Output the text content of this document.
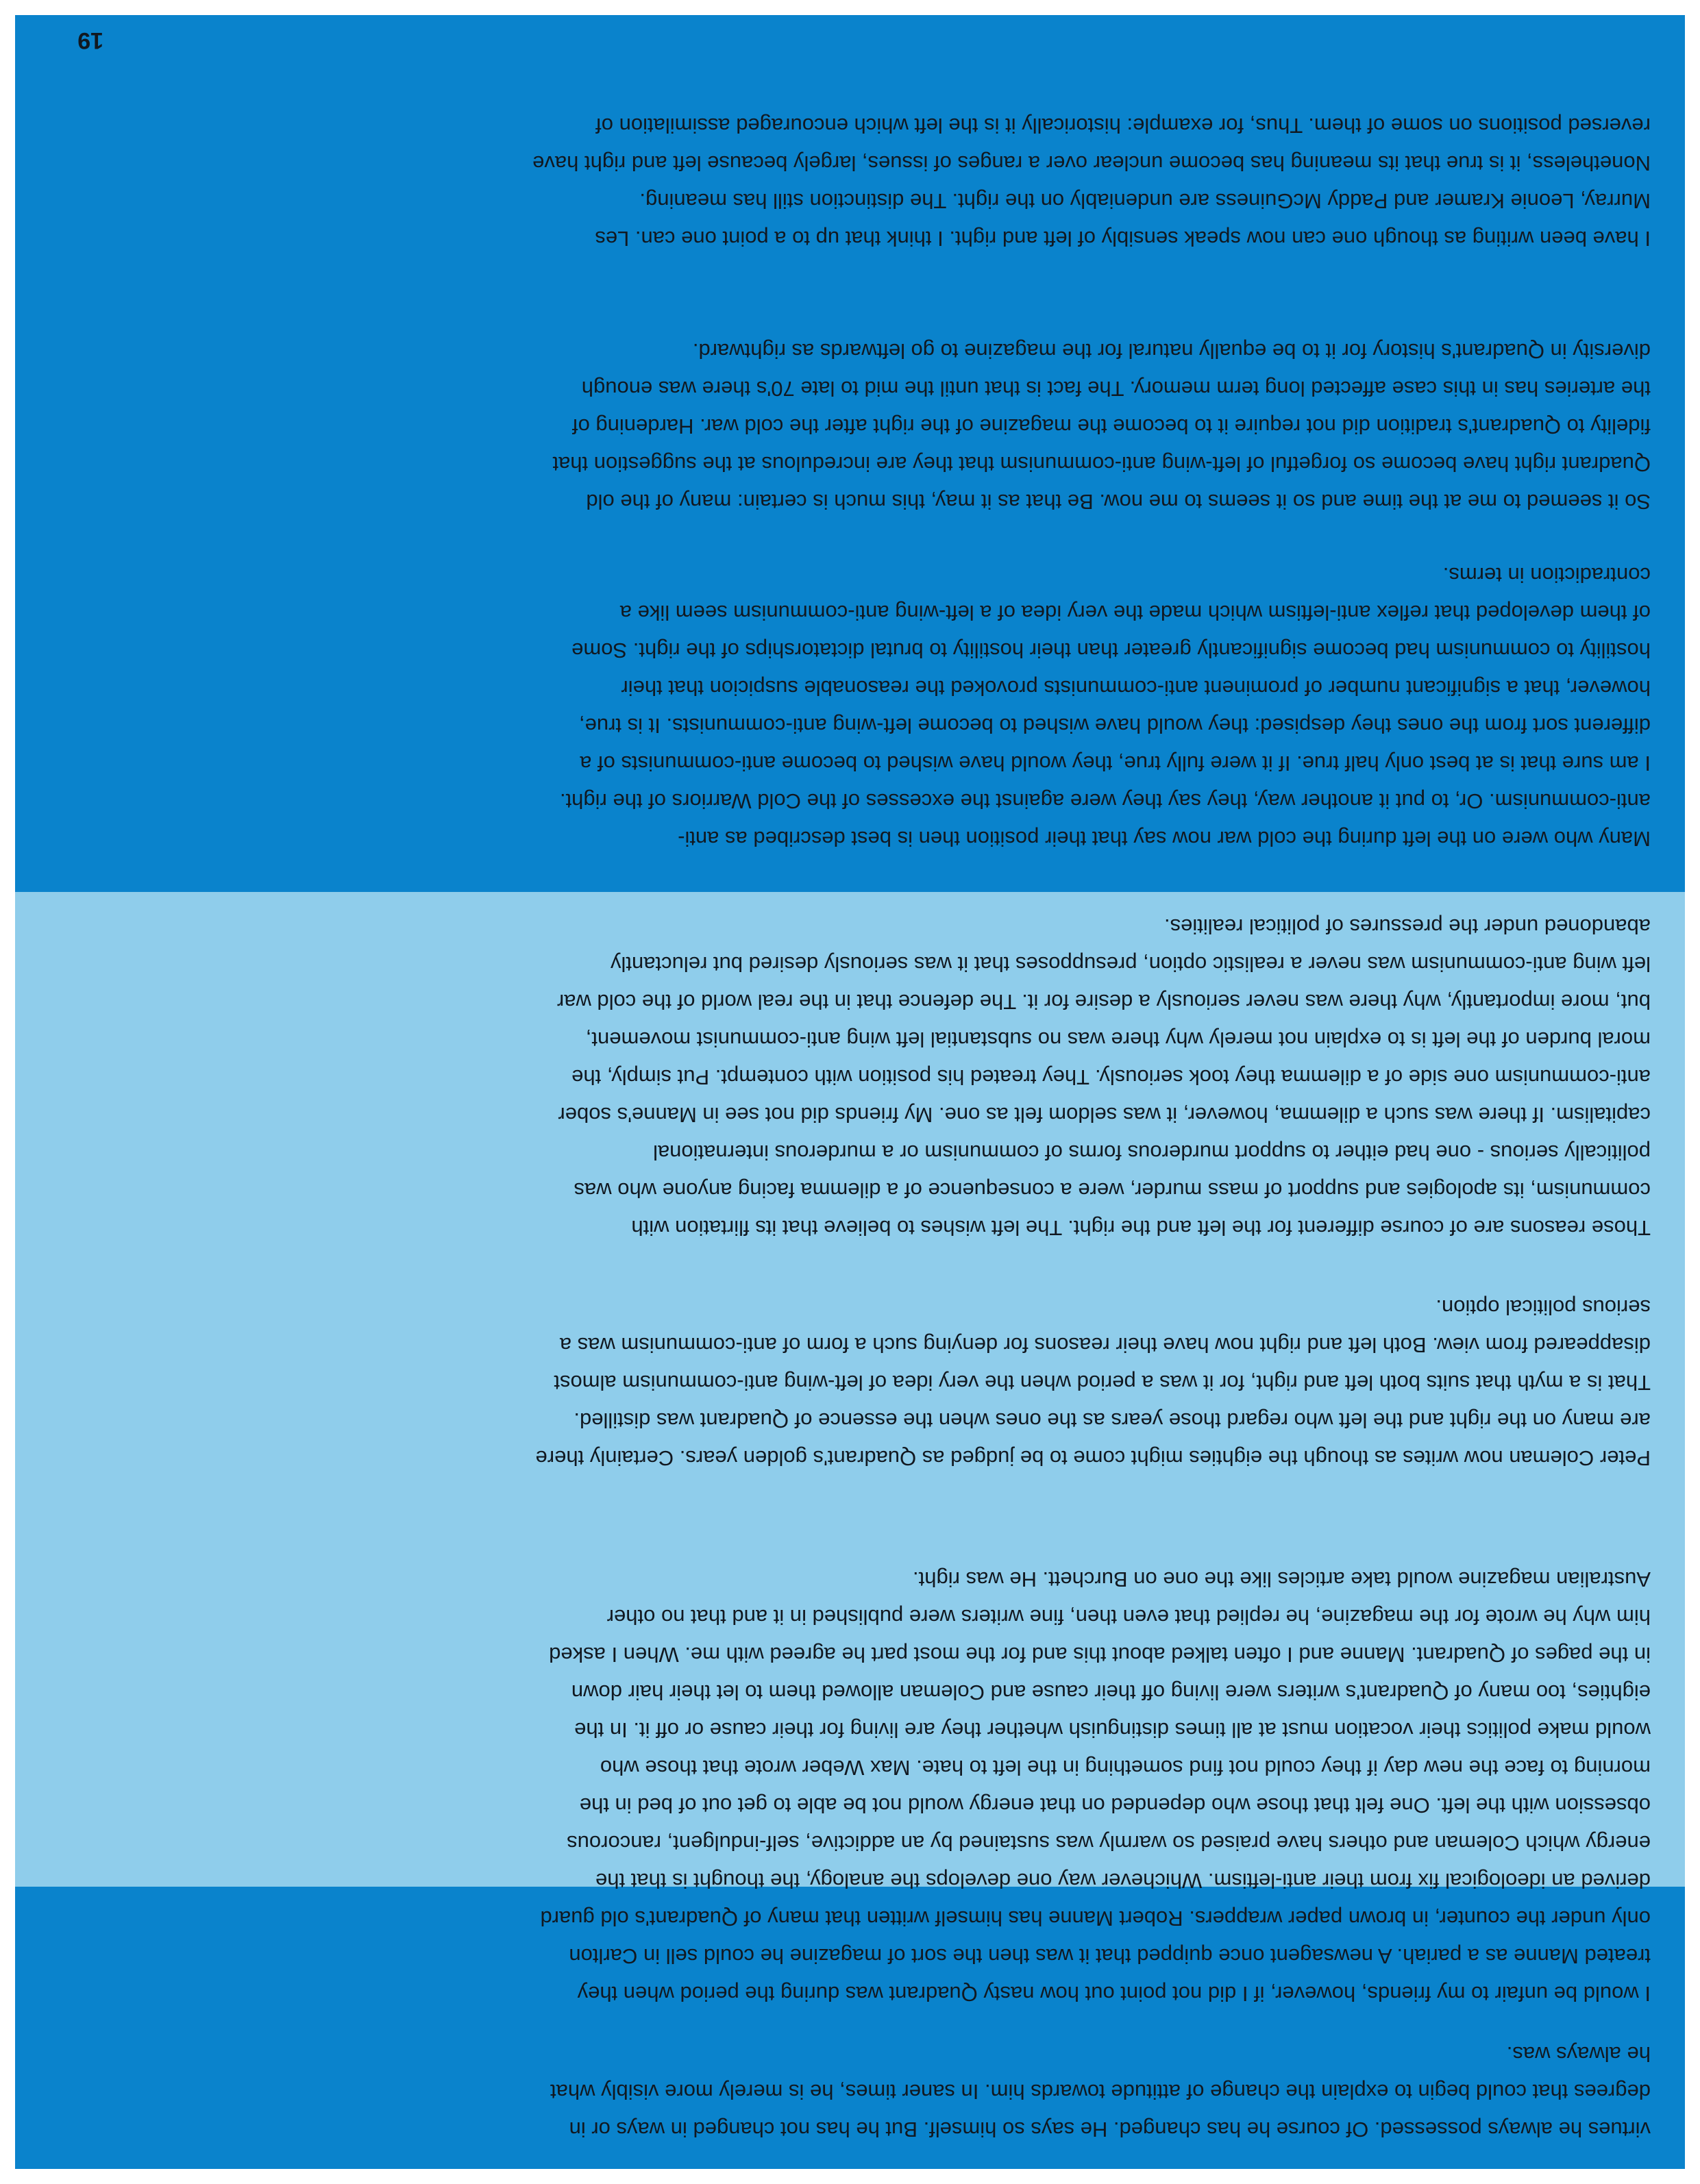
virtues he always possessed. Of course he has changed. He says so himself. But he has not changed in ways or in
degrees that could begin to explain the change of attitude towards him. In saner times, he is merely more visibly what
he always was.

I would be unfair to my friends, however, if I did not point out how nasty Quadrant was during the period when they
treated Manne as a pariah. A newsagent once quipped that it was then the sort of magazine he could sell in Carlton
only under the counter, in brown paper wrappers. Robert Manne has himself written that many of Quadrant's old guard
derived an ideological fix from their anti-leftism. Whichever way one develops the analogy, the thought is that the
energy which Coleman and others have praised so warmly was sustained by an addictive, self-indulgent, rancorous
obsession with the left. One felt that those who depended on that energy would not be able to get out of bed in the
morning to face the new day if they could not find something in the left to hate. Max Weber wrote that those who
would make politics their vocation must at all times distinguish whether they are living for their cause or off it. In the
eighties, too many of Quadrant's writers were living off their cause and Coleman allowed them to let their hair down
in the pages of Quadrant. Manne and I often talked about this and for the most part he agreed with me. When I asked
him why he wrote for the magazine, he replied that even then, fine writers were published in it and that no other
Australian magazine would take articles like the one on Burchett. He was right.

Peter Coleman now writes as though the eighties might come to be judged as Quadrant's golden years. Certainly there
are many on the right and the left who regard those years as the ones when the essence of Quadrant was distilled.
That is a myth that suits both left and right, for it was a period when the very idea of left-wing anti-communism almost
disappeared from view. Both left and right now have their reasons for denying such a form of anti-communism was a
serious political option.

Those reasons are of course different for the left and the right. The left wishes to believe that its flirtation with
communism, its apologies and support of mass murder, were a consequence of a dilemma facing anyone who was
politically serious - one had either to support murderous forms of communism or a murderous international
capitalism. If there was such a dilemma, however, it was seldom felt as one. My friends did not see in Manne's sober
anti-communism one side of a dilemma they took seriously. They treated his position with contempt. Put simply, the
moral burden of the left is to explain not merely why there was no substantial left wing anti-communist movement,
but, more importantly, why there was never seriously a desire for it. The defence that in the real world of the cold war
left wing anti-communism was never a realistic option, presupposes that it was seriously desired but reluctantly
abandoned under the pressures of political realities.

Many who were on the left during the cold war now say that their position then is best described as anti-
anti-communism. Or, to put it another way, they say they were against the excesses of the Cold Warriors of the right.
I am sure that is at best only half true. If it were fully true, they would have wished to become anti-communists of a
different sort from the ones they despised: they would have wished to become left-wing anti-communists. It is true,
however, that a significant number of prominent anti-communists provoked the reasonable suspicion that their
hostility to communism had become significantly greater than their hostility to brutal dictatorships of the right. Some
of them developed that reflex anti-leftism which made the very idea of a left-wing anti-communism seem like a
contradiction in terms.

So it seemed to me at the time and so it seems to me now. Be that as it may, this much is certain: many of the old
Quadrant right have become so forgetful of left-wing anti-communism that they are incredulous at the suggestion that
fidelity to Quadrant's tradition did not require it to become the magazine of the right after the cold war. Hardening of
the arteries has in this case affected long term memory. The fact is that until the mid to late 70's there was enough
diversity in Quadrant's history for it to be equally natural for the magazine to go leftwards as rightward.

I have been writing as though one can now speak sensibly of left and right. I think that up to a point one can. Les
Murray, Leonie Kramer and Paddy McGuiness are undeniably on the right. The distinction still has meaning.
Nonetheless, it is true that its meaning has become unclear over a ranges of issues, largely because left and right have
reversed positions on some of them. Thus, for example: historically it is the left which encouraged assimilation of

19
